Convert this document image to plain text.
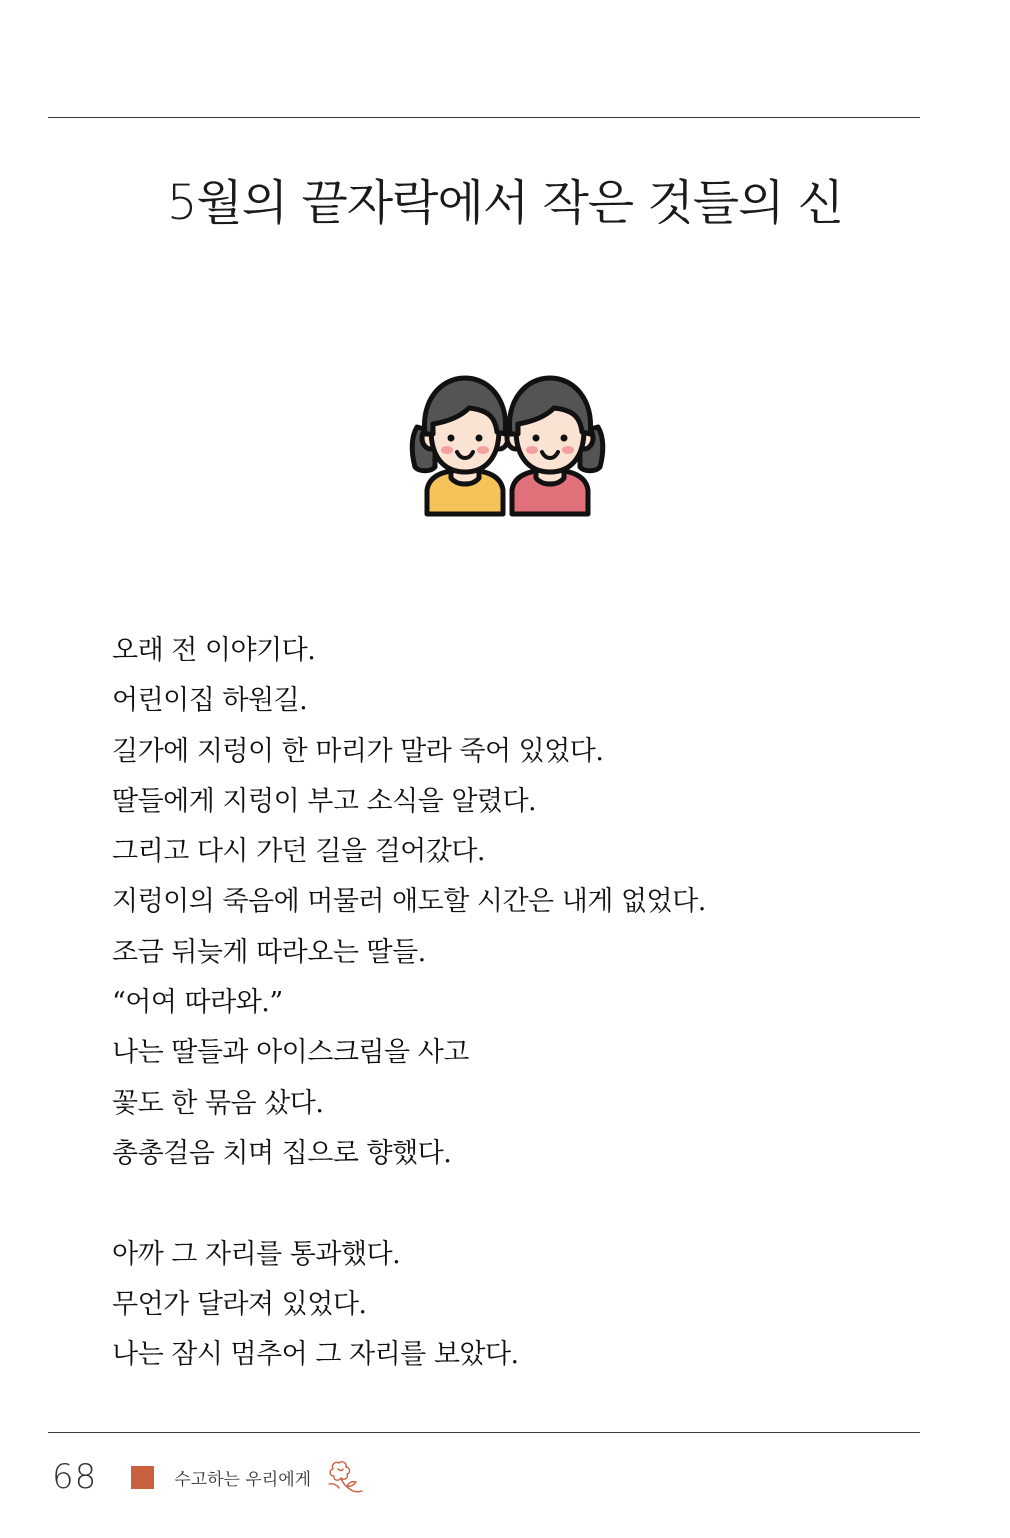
5월의 끝자락에서 작은 것들의 신
오래 전 이야기다.
어린이집 하원길.
길가에 지렁이 한 마리가 말라 죽어 있었다.
딸들에게 지렁이 부고 소식을 알렸다.
그리고 다시 가던 길을 걸어갔다.
지렁이의 죽음에 머물러 애도할 시간은 내게 없었다.
조금 뒤늦게 따라오는 딸들.
“어여 따라와.”
나는 딸들과 아이스크림을 사고
꽃도 한 묶음 샀다.
총총걸음 치며 집으로 향했다.
아까 그 자리를 통과했다.
무언가 달라져 있었다.
나는 잠시 멈추어 그 자리를 보았다.
68	수고하는 우리에게
